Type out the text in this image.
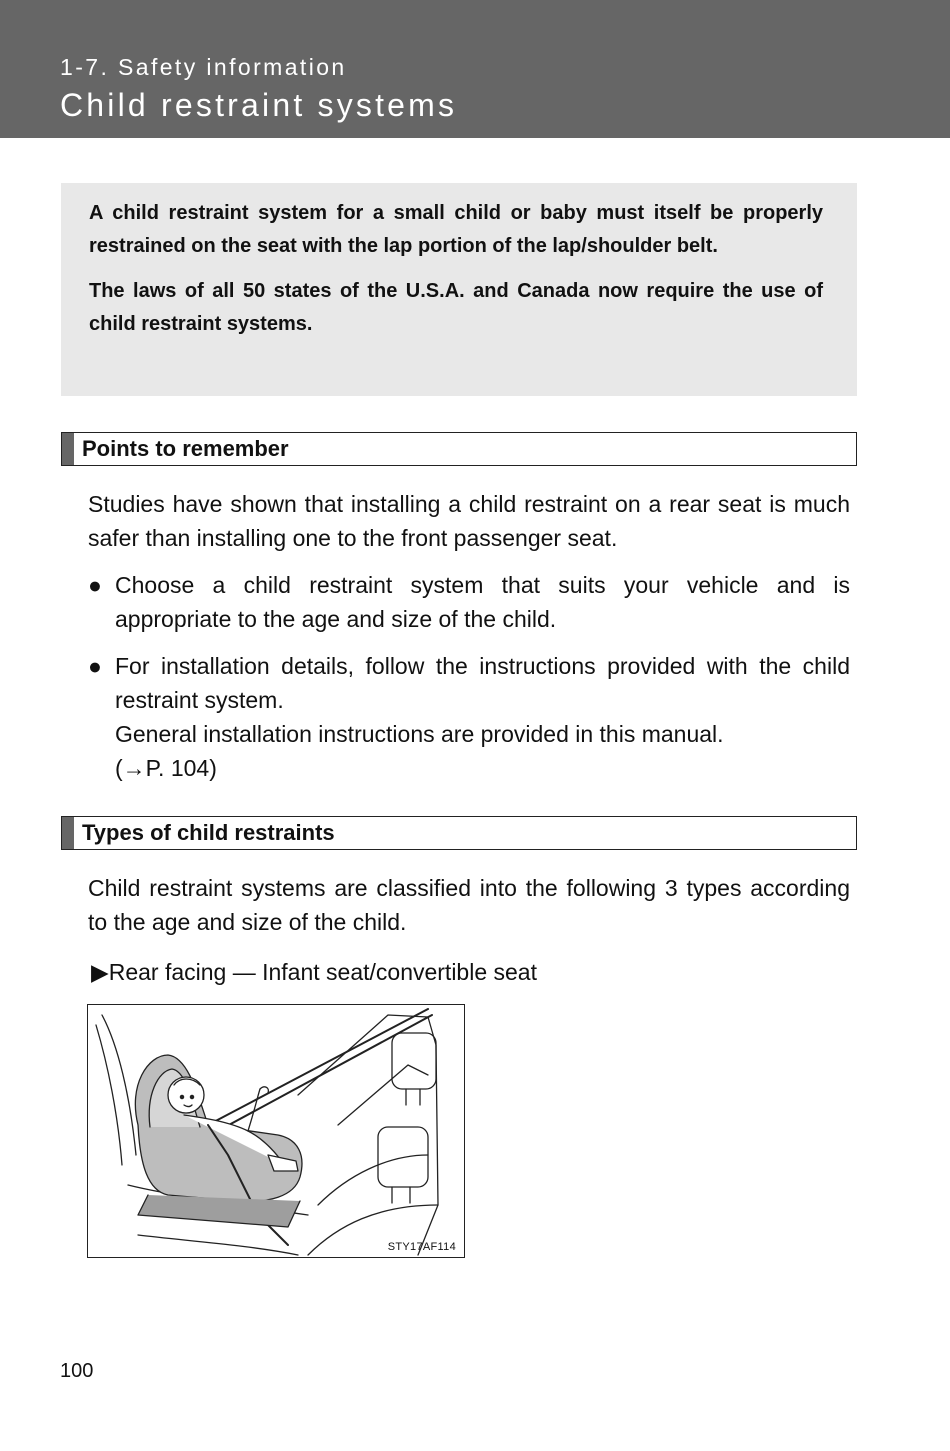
1-7. Safety information
Child restraint systems

A child restraint system for a small child or baby must itself be properly restrained on the seat with the lap portion of the lap/shoulder belt.

The laws of all 50 states of the U.S.A. and Canada now require the use of child restraint systems.

Points to remember

Studies have shown that installing a child restraint on a rear seat is much safer than installing one to the front passenger seat.

● Choose a child restraint system that suits your vehicle and is appropriate to the age and size of the child.
● For installation details, follow the instructions provided with the child restraint system.
General installation instructions are provided in this manual.
(→P. 104)
Types of child restraints

Child restraint systems are classified into the following 3 types according to the age and size of the child.

▶Rear facing — Infant seat/convertible seat
STY17AF114
100
